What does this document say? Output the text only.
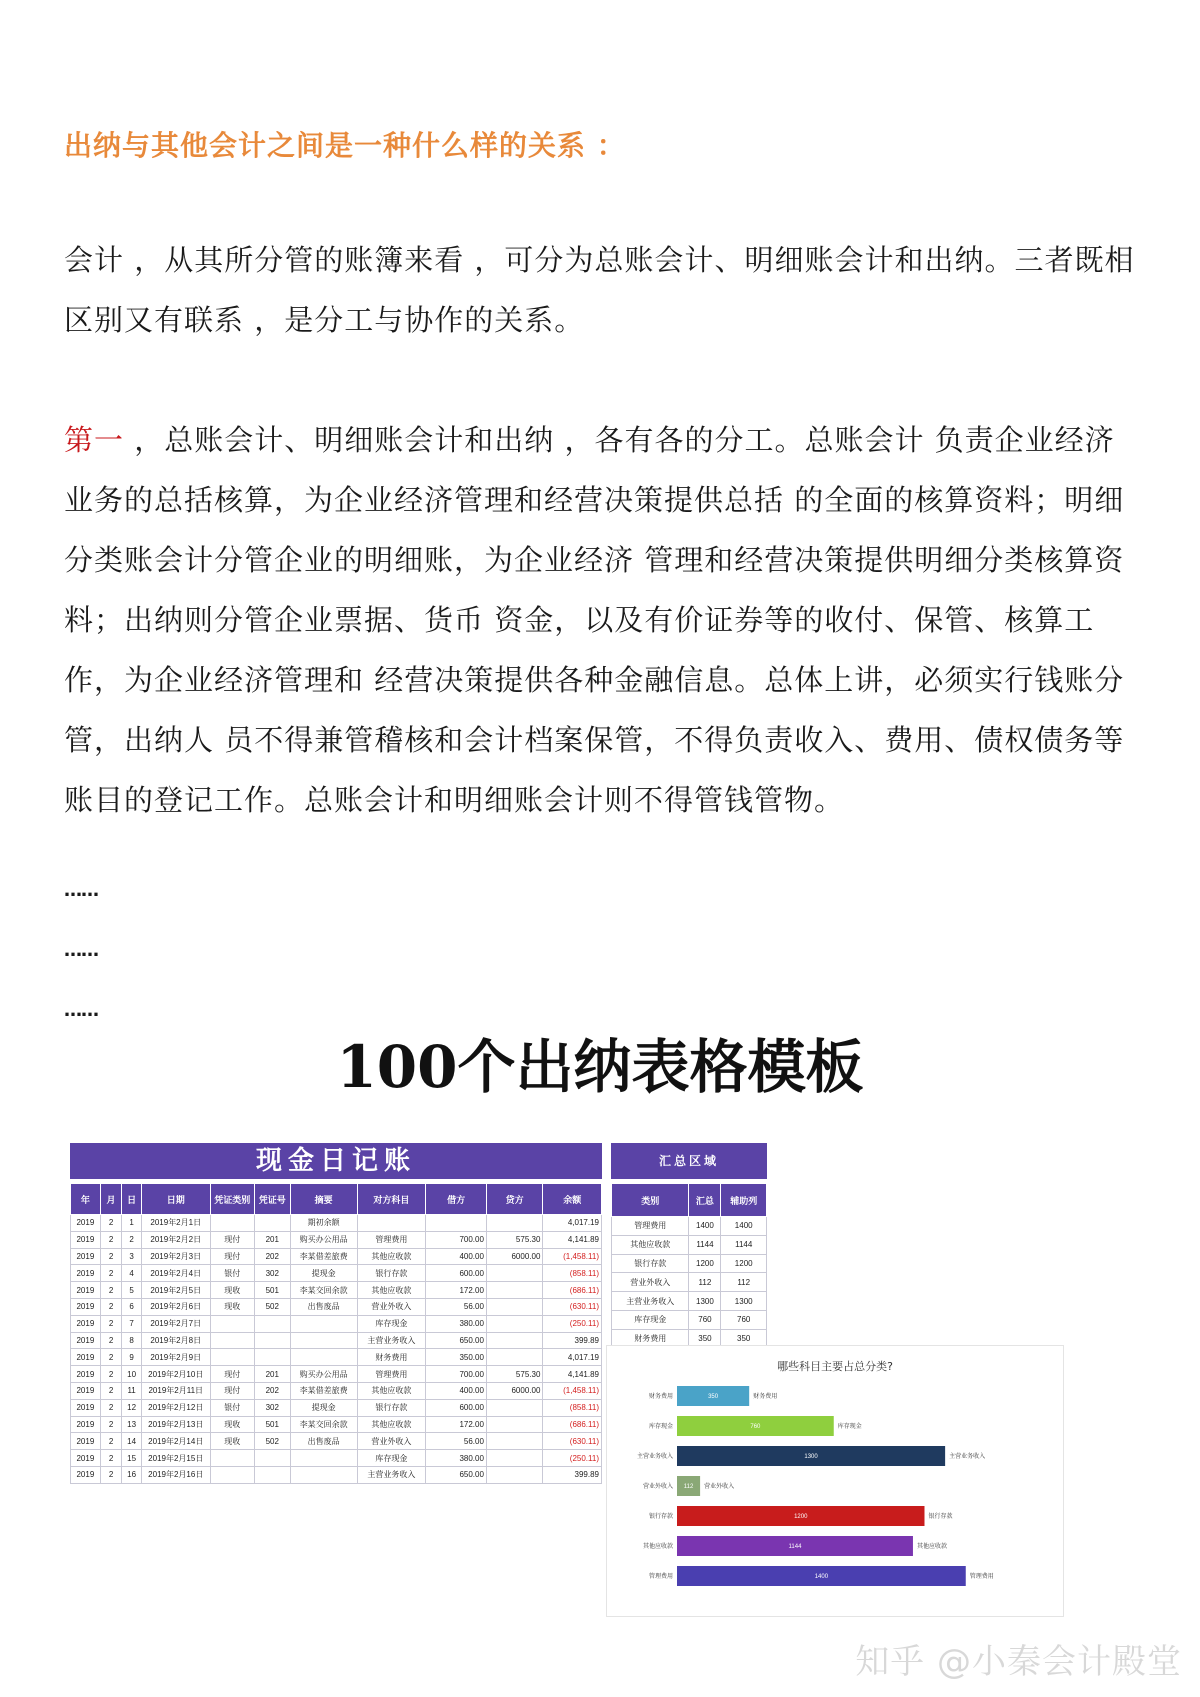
出纳与其他会计之间是一种什么样的关系 ：
会计 ，从其所分管的账簿来看 ，可分为总账会计、明细账会计和出纳。三者既相区别又有联系 ，是分工与协作的关系。
第一 ，总账会计、明细账会计和出纳 ，各有各的分工。总账会计 负责企业经济业务的总括核算，为企业经济管理和经营决策提供总括 的全面的核算资料；明细分类账会计分管企业的明细账，为企业经济 管理和经营决策提供明细分类核算资料；出纳则分管企业票据、货币 资金，以及有价证券等的收付、保管、核算工作，为企业经济管理和 经营决策提供各种金融信息。总体上讲，必须实行钱账分管，出纳人 员不得兼管稽核和会计档案保管，不得负责收入、费用、债权债务等账目的登记工作。总账会计和明细账会计则不得管钱管物。
……
……
……
100个出纳表格模板
现金日记账
年	月	日	日期	凭证类别	凭证号	摘要	对方科目	借方	贷方	余额
2019	2	1	2019年2月1日			期初余额				4,017.19
2019	2	2	2019年2月2日	现付	201	购买办公用品	管理费用	700.00	575.30	4,141.89
2019	2	3	2019年2月3日	现付	202	李某借差旅费	其他应收款	400.00	6000.00	(1,458.11)
2019	2	4	2019年2月4日	银付	302	提现金	银行存款	600.00		(858.11)
2019	2	5	2019年2月5日	现收	501	李某交回余款	其他应收款	172.00		(686.11)
2019	2	6	2019年2月6日	现收	502	出售废品	营业外收入	56.00		(630.11)
2019	2	7	2019年2月7日				库存现金	380.00		(250.11)
2019	2	8	2019年2月8日				主营业务收入	650.00		399.89
2019	2	9	2019年2月9日				财务费用	350.00		4,017.19
2019	2	10	2019年2月10日	现付	201	购买办公用品	管理费用	700.00	575.30	4,141.89
2019	2	11	2019年2月11日	现付	202	李某借差旅费	其他应收款	400.00	6000.00	(1,458.11)
2019	2	12	2019年2月12日	银付	302	提现金	银行存款	600.00		(858.11)
2019	2	13	2019年2月13日	现收	501	李某交回余款	其他应收款	172.00		(686.11)
2019	2	14	2019年2月14日	现收	502	出售废品	营业外收入	56.00		(630.11)
2019	2	15	2019年2月15日				库存现金	380.00		(250.11)
2019	2	16	2019年2月16日				主营业务收入	650.00		399.89
汇总区域
类别	汇总	辅助列
管理费用	1400	1400
其他应收款	1144	1144
银行存款	1200	1200
营业外收入	112	112
主营业务收入	1300	1300
库存现金	760	760
财务费用	350	350
哪些科目主要占总分类?
财务费用	350	财务费用
库存现金	760	库存现金
主营业务收入	1300	主营业务收入
营业外收入 112 营业外收入
银行存款	1200	银行存款
其他应收款	1144	其他应收款
管理费用	1400	管理费用
知乎 @小秦会计殿堂
